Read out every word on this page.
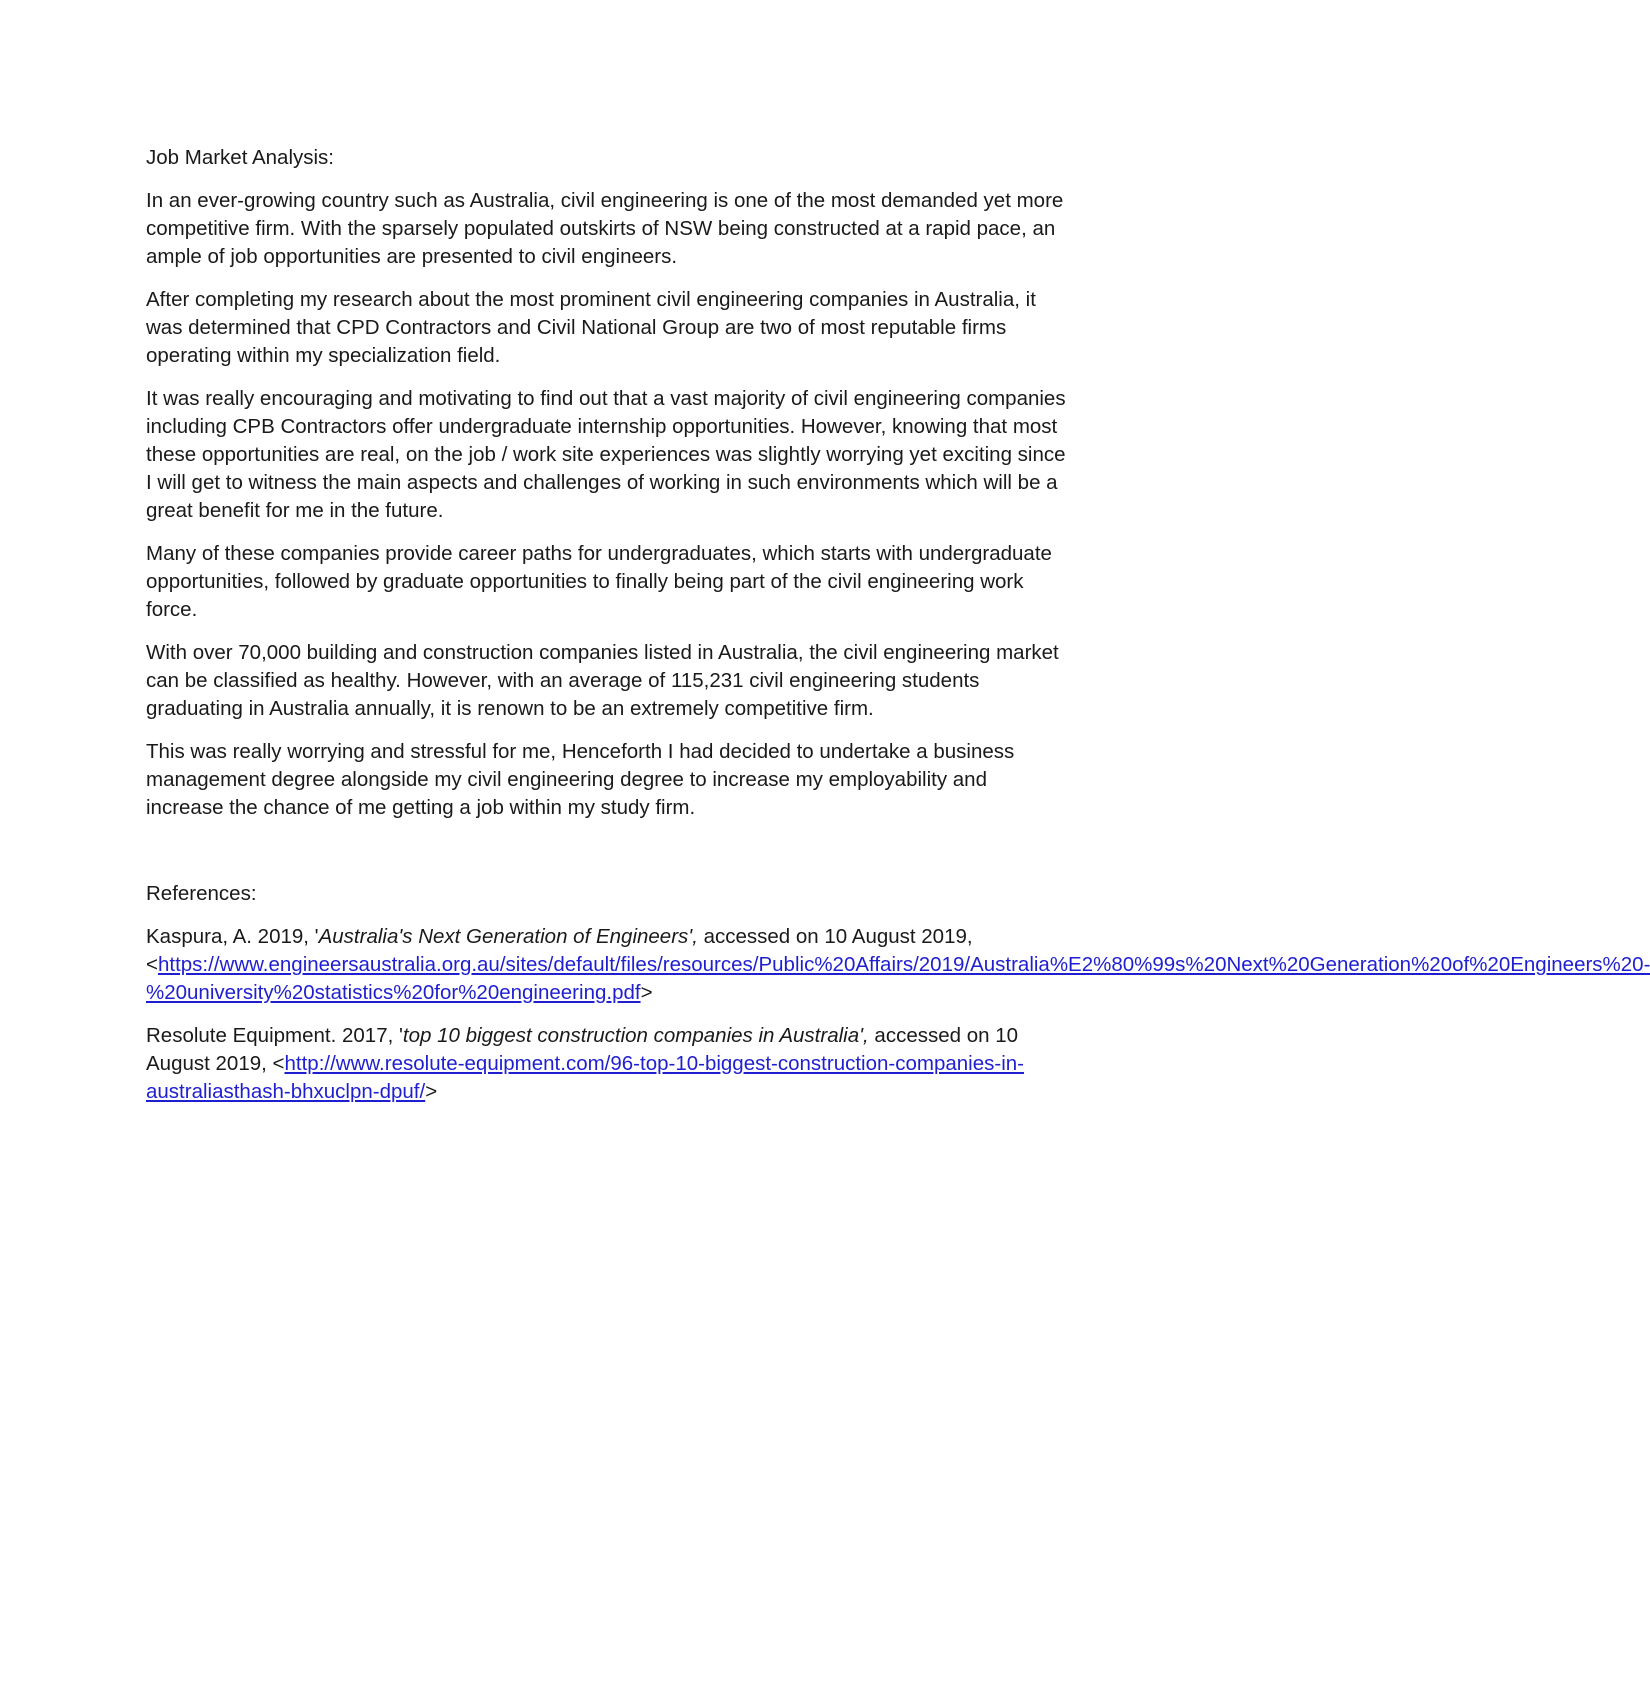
Job Market Analysis:

In an ever-growing country such as Australia, civil engineering is one of the most demanded yet more competitive firm. With the sparsely populated outskirts of NSW being constructed at a rapid pace, an ample of job opportunities are presented to civil engineers.

After completing my research about the most prominent civil engineering companies in Australia, it was determined that CPD Contractors and Civil National Group are two of most reputable firms operating within my specialization field.

It was really encouraging and motivating to find out that a vast majority of civil engineering companies including CPB Contractors offer undergraduate internship opportunities. However, knowing that most these opportunities are real, on the job / work site experiences was slightly worrying yet exciting since I will get to witness the main aspects and challenges of working in such environments which will be a great benefit for me in the future.

Many of these companies provide career paths for undergraduates, which starts with undergraduate opportunities, followed by graduate opportunities to finally being part of the civil engineering work force.

With over 70,000 building and construction companies listed in Australia, the civil engineering market can be classified as healthy. However, with an average of 115,231 civil engineering students graduating in Australia annually, it is renown to be an extremely competitive firm.

This was really worrying and stressful for me, Henceforth I had decided to undertake a business management degree alongside my civil engineering degree to increase my employability and increase the chance of me getting a job within my study firm.

References:

Kaspura, A. 2019, 'Australia's Next Generation of Engineers', accessed on 10 August 2019, <https://www.engineersaustralia.org.au/sites/default/files/resources/Public%20Affairs/2019/Australia%E2%80%99s%20Next%20Generation%20of%20Engineers%20-%20university%20statistics%20for%20engineering.pdf>

Resolute Equipment. 2017, 'top 10 biggest construction companies in Australia', accessed on 10 August 2019, <http://www.resolute-equipment.com/96-top-10-biggest-construction-companies-in-australiasthash-bhxuclpn-dpuf/>
